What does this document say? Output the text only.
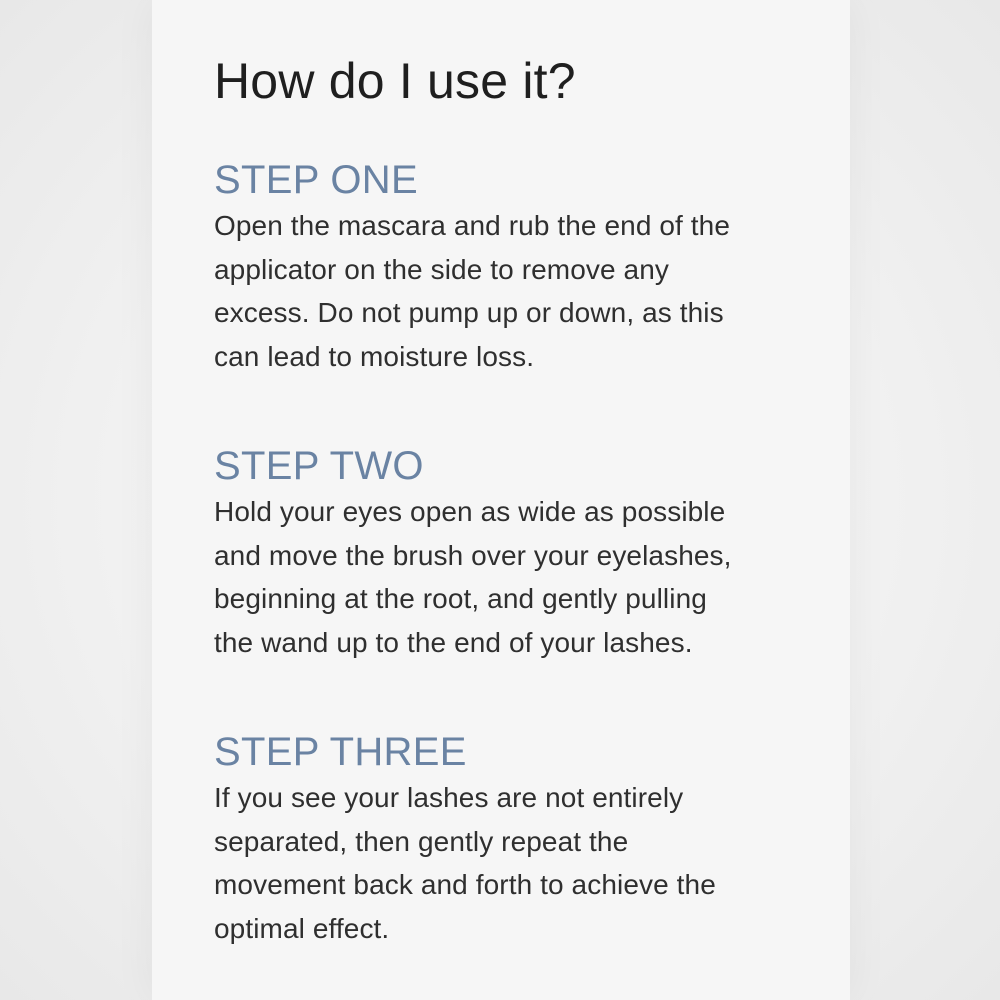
How do I use it?
STEP ONE

Open the mascara and rub the end of the
applicator on the side to remove any
excess. Do not pump up or down, as this
can lead to moisture loss.

STEP TWO

Hold your eyes open as wide as possible
and move the brush over your eyelashes,
beginning at the root, and gently pulling
the wand up to the end of your lashes.

STEP THREE

If you see your lashes are not entirely
separated, then gently repeat the
movement back and forth to achieve the
optimal effect.
